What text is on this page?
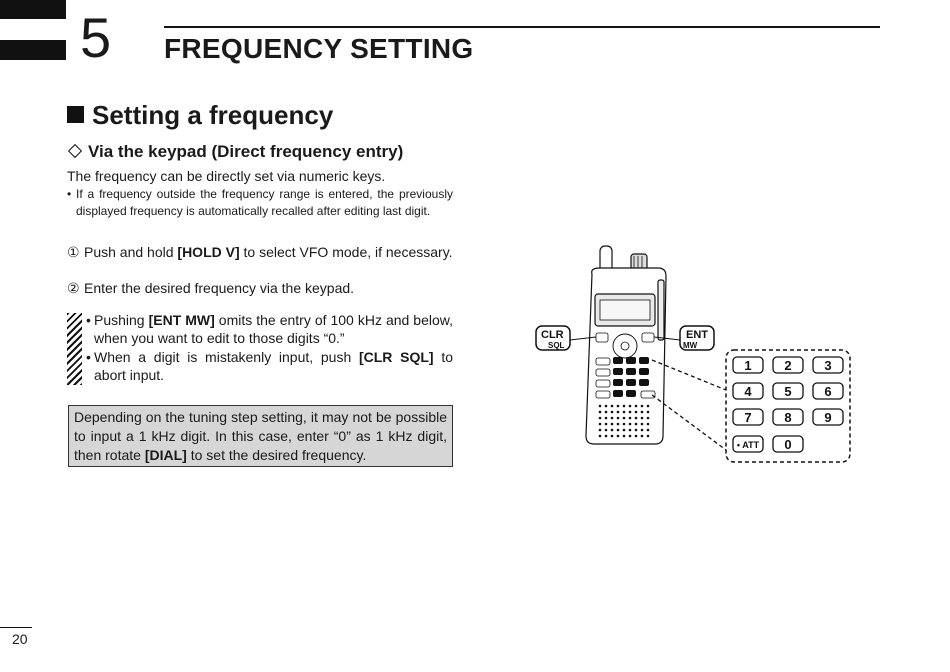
5 FREQUENCY SETTING
Setting a frequency
Via the keypad (Direct frequency entry)
The frequency can be directly set via numeric keys.
• If a frequency outside the frequency range is entered, the previously displayed frequency is automatically recalled after editing last digit.
① Push and hold [HOLD V] to select VFO mode, if necessary.
② Enter the desired frequency via the keypad.
• Pushing [ENT MW] omits the entry of 100 kHz and below, when you want to edit to those digits “0.”
• When a digit is mistakenly input, push [CLR SQL] to abort input.
Depending on the tuning step setting, it may not be possible to input a 1 kHz digit. In this case, enter “0” as 1 kHz digit, then rotate [DIAL] to set the desired frequency.
CLR
SQL
ENT
MW
1	2	3
4	5	6
7	8	9
• ATT 0
20
